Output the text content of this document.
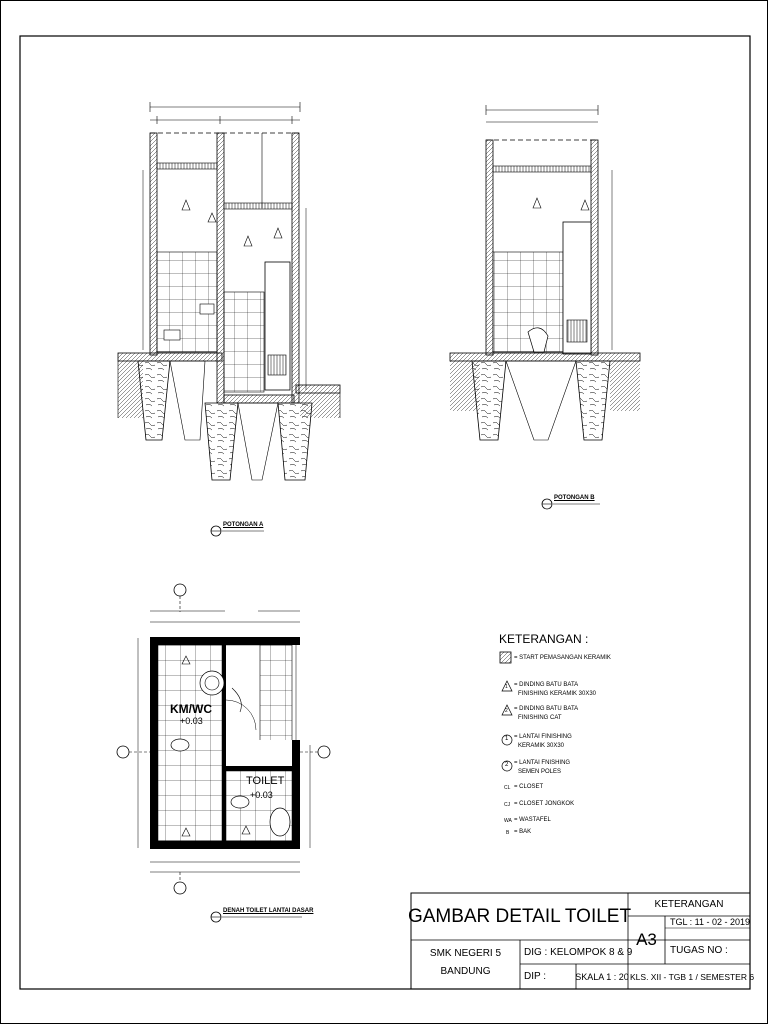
POTONGAN A
POTONGAN B
DENAH TOILET LANTAI DASAR
KM/WC
+0.03
TOILET
+0.03
KETERANGAN :
= START PEMASANGAN KERAMIK
= DINDING BATU BATA
FINISHING KERAMIK 30X30
= DINDING BATU BATA
FINISHING CAT
= LANTAI FINISHING
KERAMIK 30X30
= LANTAI FNISHING
SEMEN POLES
CL = CLOSET
CJ = CLOSET JONGKOK
WA = WASTAFEL
B = BAK
1
2
1
2
GAMBAR DETAIL TOILET
KETERANGAN
A3
TGL : 11 - 02 - 2019
TUGAS NO :
SMK NEGERI 5
BANDUNG
DIG : KELOMPOK 8 & 9
DIP :	SKALA 1 : 20 KLS. XII - TGB 1 / SEMESTER 6
